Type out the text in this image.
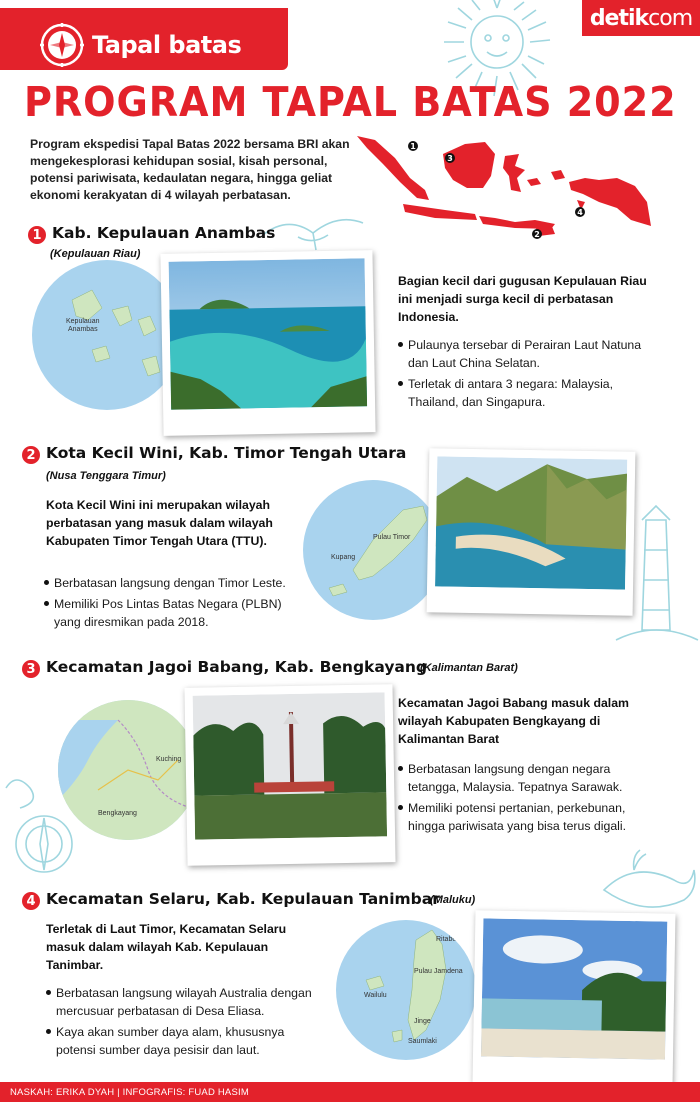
Tapal batas
detik com
PROGRAM TAPAL BATAS 2022
Program ekspedisi Tapal Batas 2022 bersama BRI akan mengekesplorasi kehidupan sosial, kisah personal, potensi pariwisata, kedaulatan negara, hingga geliat ekonomi kerakyatan di 4 wilayah perbatasan.
1
2
3
4
1 Kab. Kepulauan Anambas
(Kepulauan Riau)
Kepulauan
Anambas
Bagian kecil dari gugusan Kepulauan Riau ini menjadi surga kecil di perbatasan Indonesia.
Pulaunya tersebar di Perairan Laut Natuna dan Laut China Selatan.
Terletak di antara 3 negara: Malaysia, Thailand, dan Singapura.
2 Kota Kecil Wini, Kab. Timor Tengah Utara
(Nusa Tenggara Timur)
Kota Kecil Wini ini merupakan wilayah perbatasan yang masuk dalam wilayah Kabupaten Timor Tengah Utara (TTU).
Berbatasan langsung dengan Timor Leste.
Memiliki Pos Lintas Batas Negara (PLBN) yang diresmikan pada 2018.
Pulau Timor
Kupang
3 Kecamatan Jagoi Babang, Kab. Bengkayang
(Kalimantan Barat)
Kuching
Bengkayang
Kecamatan Jagoi Babang masuk dalam wilayah Kabupaten Bengkayang di Kalimantan Barat
Berbatasan langsung dengan negara tetangga, Malaysia. Tepatnya Sarawak.
Memiliki potensi pertanian, perkebunan, hingga pariwisata yang bisa terus digali.
4 Kecamatan Selaru, Kab. Kepulauan Tanimbar
(Maluku)
Terletak di Laut Timor, Kecamatan Selaru masuk dalam wilayah Kab. Kepulauan Tanimbar.
Berbatasan langsung wilayah Australia dengan mercusuar perbatasan di Desa Eliasa.
Kaya akan sumber daya alam, khususnya potensi sumber daya pesisir dan laut.
Pulau Jamdena
Wailulu
Jinge
Saumlaki
Ritabel
NASKAH: ERIKA DYAH | INFOGRAFIS: FUAD HASIM
